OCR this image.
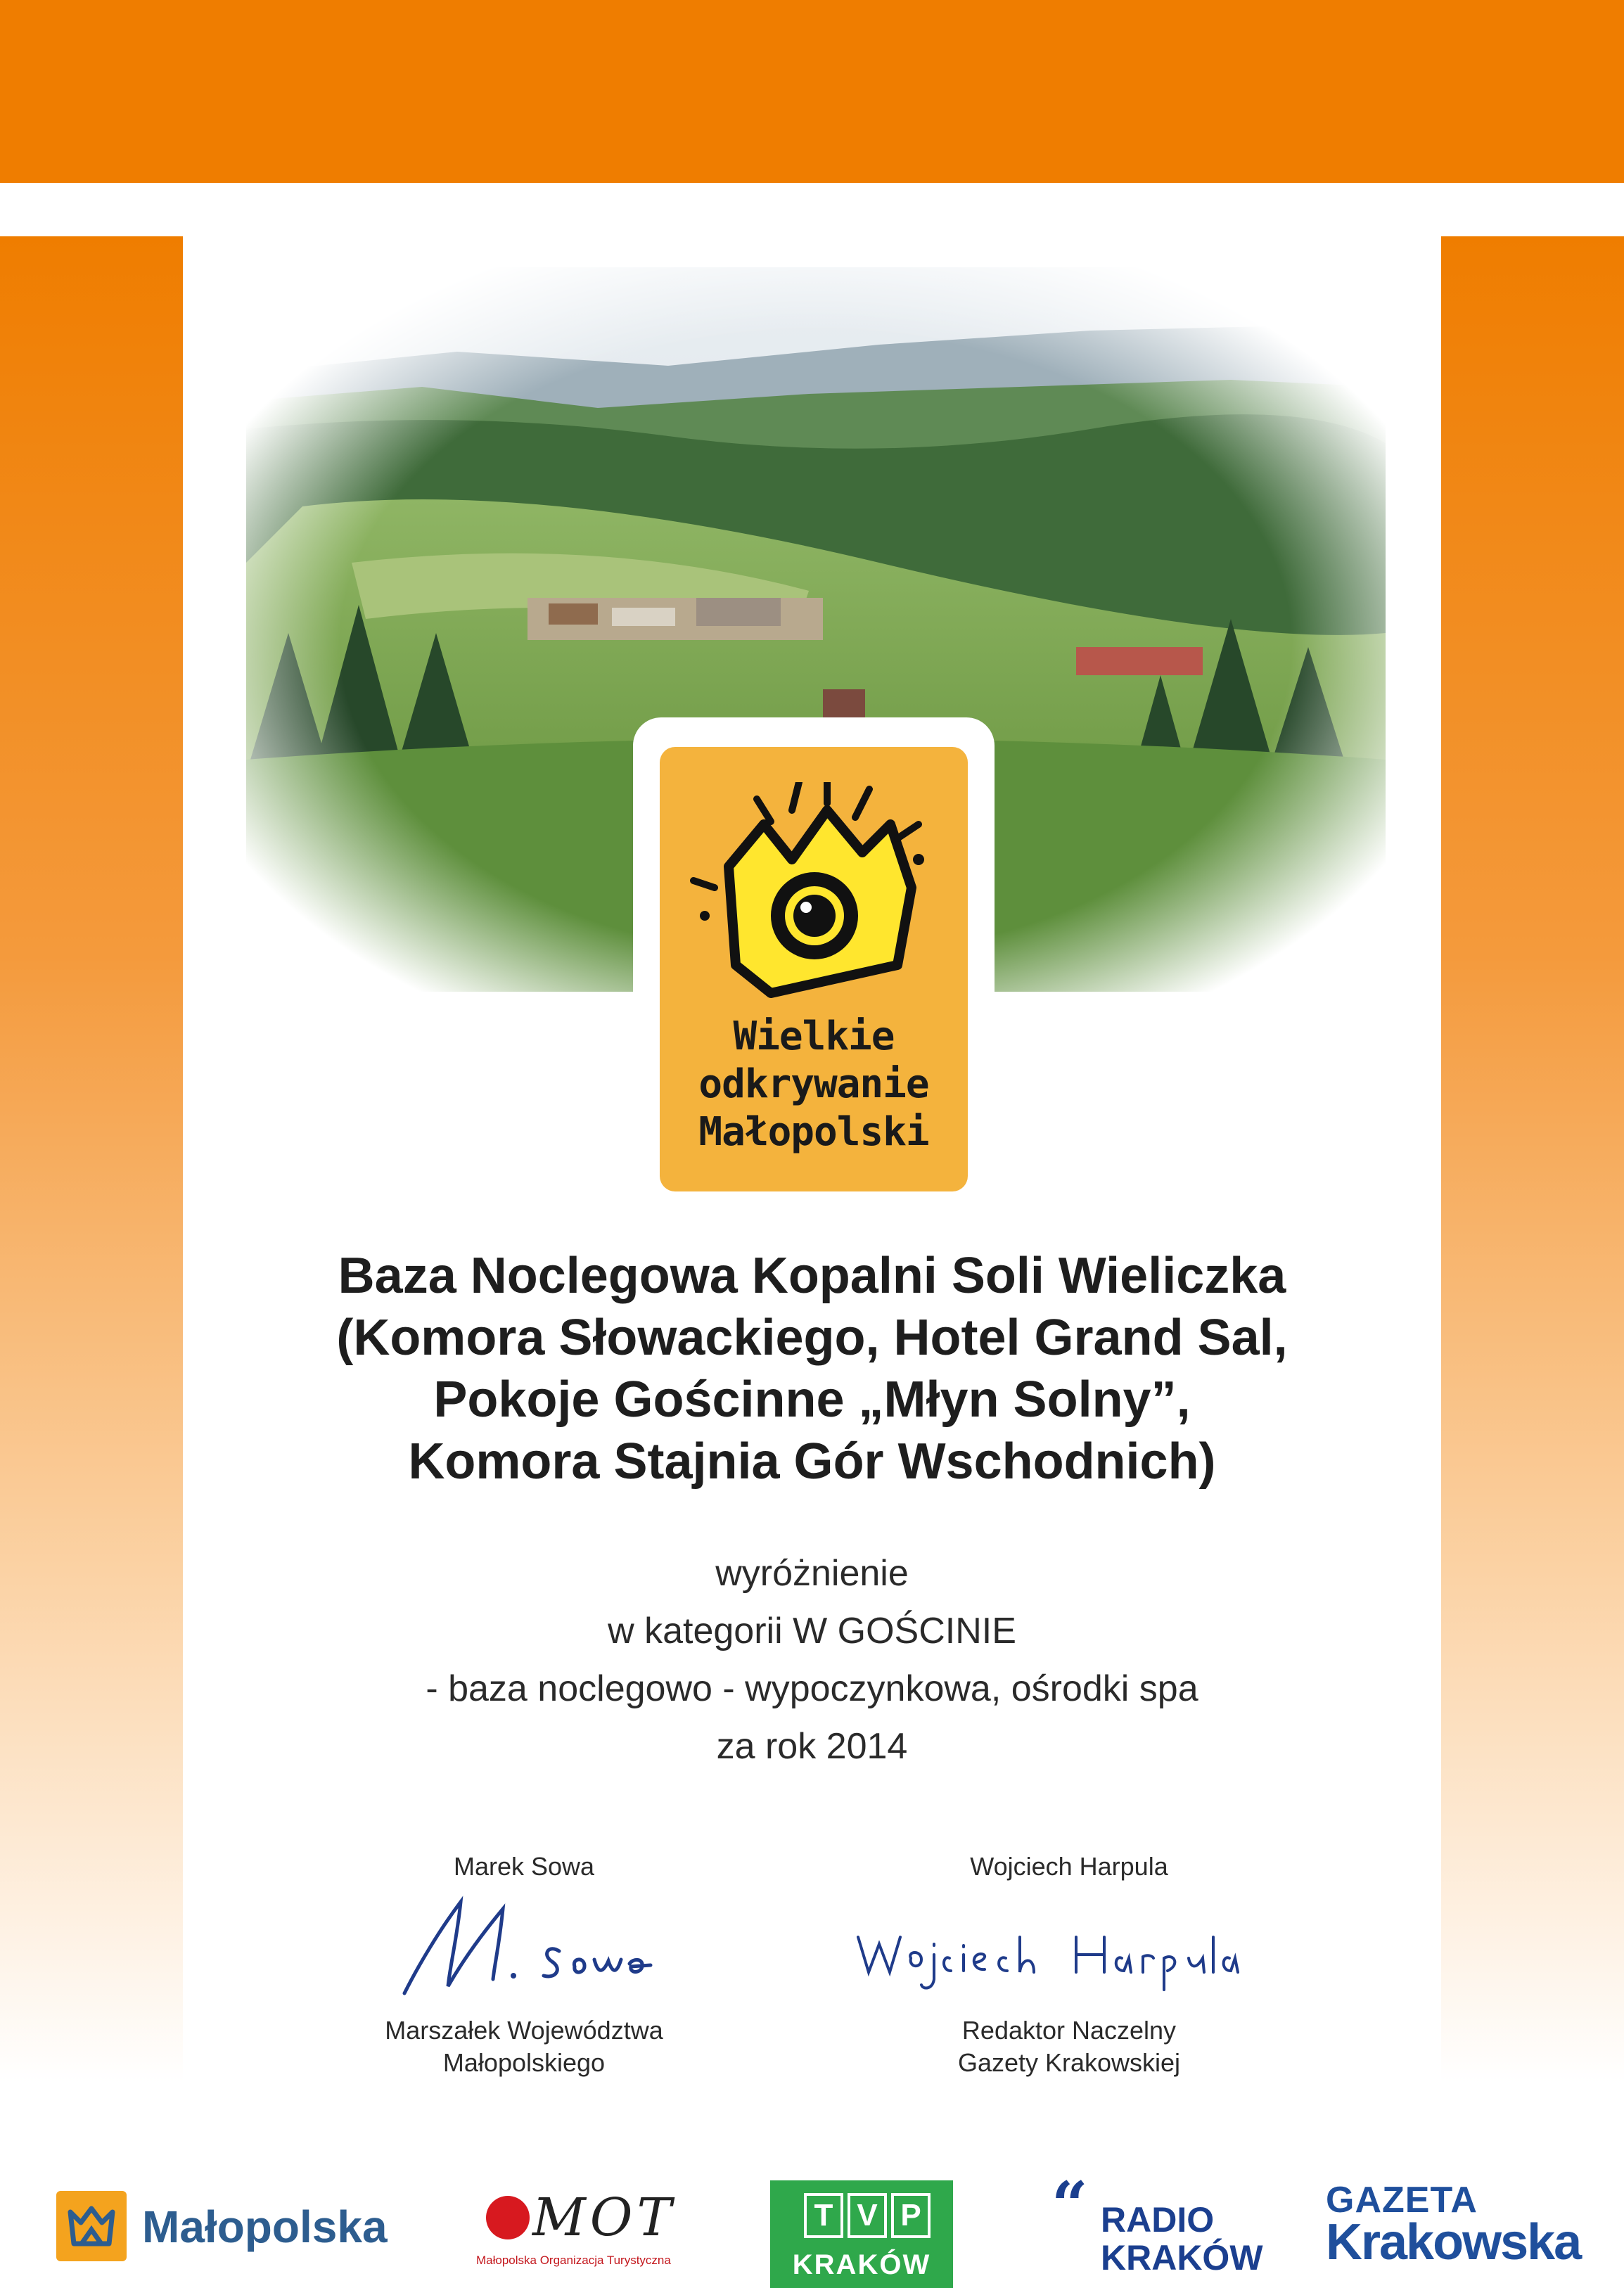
Wielkie
odkrywanie
Małopolski
Baza Noclegowa Kopalni Soli Wieliczka
(Komora Słowackiego, Hotel Grand Sal,
Pokoje Gościnne „Młyn Solny”,
Komora Stajnia Gór Wschodnich)
wyróżnienie
w kategorii W GOŚCINIE
- baza noclegowo - wypoczynkowa, ośrodki spa
za rok 2014
Marek Sowa
Marszałek Województwa
Małopolskiego
Wojciech Harpula
Redaktor Naczelny
Gazety Krakowskiej
Małopolska	MOT
Małopolska Organizacja Turystyczna
T V P
KRAKÓW
“ RADIO
KRAKÓW
GAZETA
Krakowska
